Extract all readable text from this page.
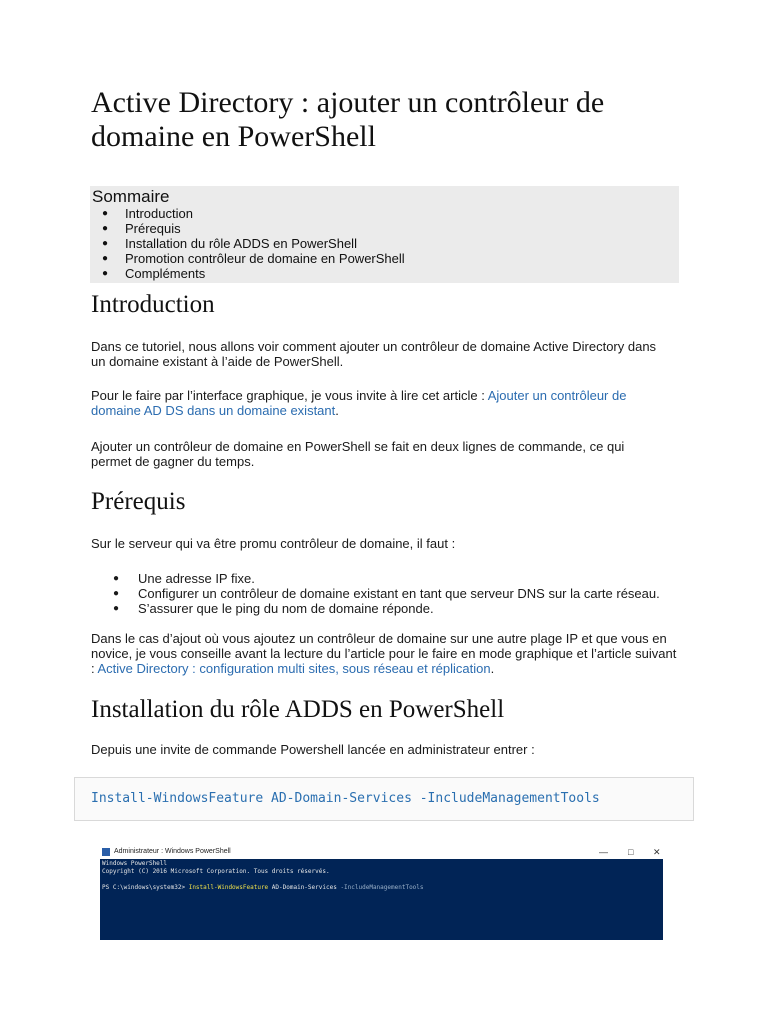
Active Directory : ajouter un contrôleur de domaine en PowerShell
Sommaire
● Introduction
● Prérequis
● Installation du rôle ADDS en PowerShell
● Promotion contrôleur de domaine en PowerShell
● Compléments
Introduction

Dans ce tutoriel, nous allons voir comment ajouter un contrôleur de domaine Active Directory dans un domaine existant à l’aide de PowerShell.

Pour le faire par l’interface graphique, je vous invite à lire cet article : Ajouter un contrôleur de domaine AD DS dans un domaine existant.

Ajouter un contrôleur de domaine en PowerShell se fait en deux lignes de commande, ce qui permet de gagner du temps.

Prérequis

Sur le serveur qui va être promu contrôleur de domaine, il faut :

● Une adresse IP fixe.
● Configurer un contrôleur de domaine existant en tant que serveur DNS sur la carte réseau.
● S’assurer que le ping du nom de domaine réponde.

Dans le cas d’ajout où vous ajoutez un contrôleur de domaine sur une autre plage IP et que vous en novice, je vous conseille avant la lecture du l’article pour le faire en mode graphique et l’article suivant : Active Directory : configuration multi sites, sous réseau et réplication.

Installation du rôle ADDS en PowerShell

Depuis une invite de commande Powershell lancée en administrateur entrer :

Install-WindowsFeature AD-Domain-Services -IncludeManagementTools
Administrateur : Windows PowerShell	— □ ✕
Windows PowerShell
Copyright (C) 2016 Microsoft Corporation. Tous droits réservés.

PS C:\windows\system32> Install-WindowsFeature AD-Domain-Services -IncludeManagementTools
